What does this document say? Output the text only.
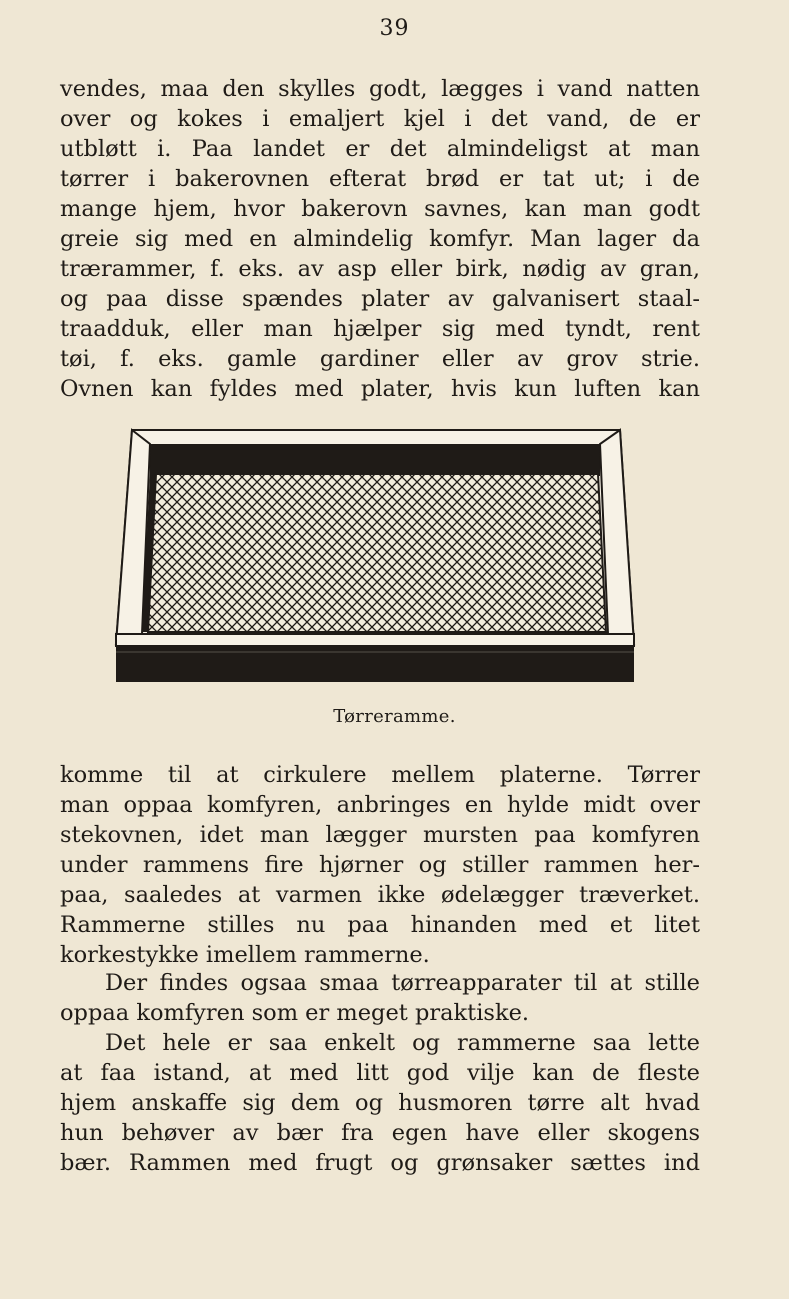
39

vendes, maa den skylles godt, lægges i vand natten
over og kokes i emaljert kjel i det vand, de er
utbløtt i. Paa landet er det almindeligst at man
tørrer i bakerovnen efterat brød er tat ut; i de
mange hjem, hvor bakerovn savnes, kan man godt
greie sig med en almindelig komfyr. Man lager da
trærammer, f. eks. av asp eller birk, nødig av gran,
og paa disse spændes plater av galvanisert staal-
traadduk, eller man hjælper sig med tyndt, rent
tøi, f. eks. gamle gardiner eller av grov strie.
Ovnen kan fyldes med plater, hvis kun luften kan

Tørreramme.

komme til at cirkulere mellem platerne. Tørrer
man oppaa komfyren, anbringes en hylde midt over
stekovnen, idet man lægger mursten paa komfyren
under rammens fire hjørner og stiller rammen her-
paa, saaledes at varmen ikke ødelægger træverket.
Rammerne stilles nu paa hinanden med et litet
korkestykke imellem rammerne.

Der findes ogsaa smaa tørreapparater til at stille
oppaa komfyren som er meget praktiske.

Det hele er saa enkelt og rammerne saa lette
at faa istand, at med litt god vilje kan de fleste
hjem anskaffe sig dem og husmoren tørre alt hvad
hun behøver av bær fra egen have eller skogens
bær. Rammen med frugt og grønsaker sættes ind
